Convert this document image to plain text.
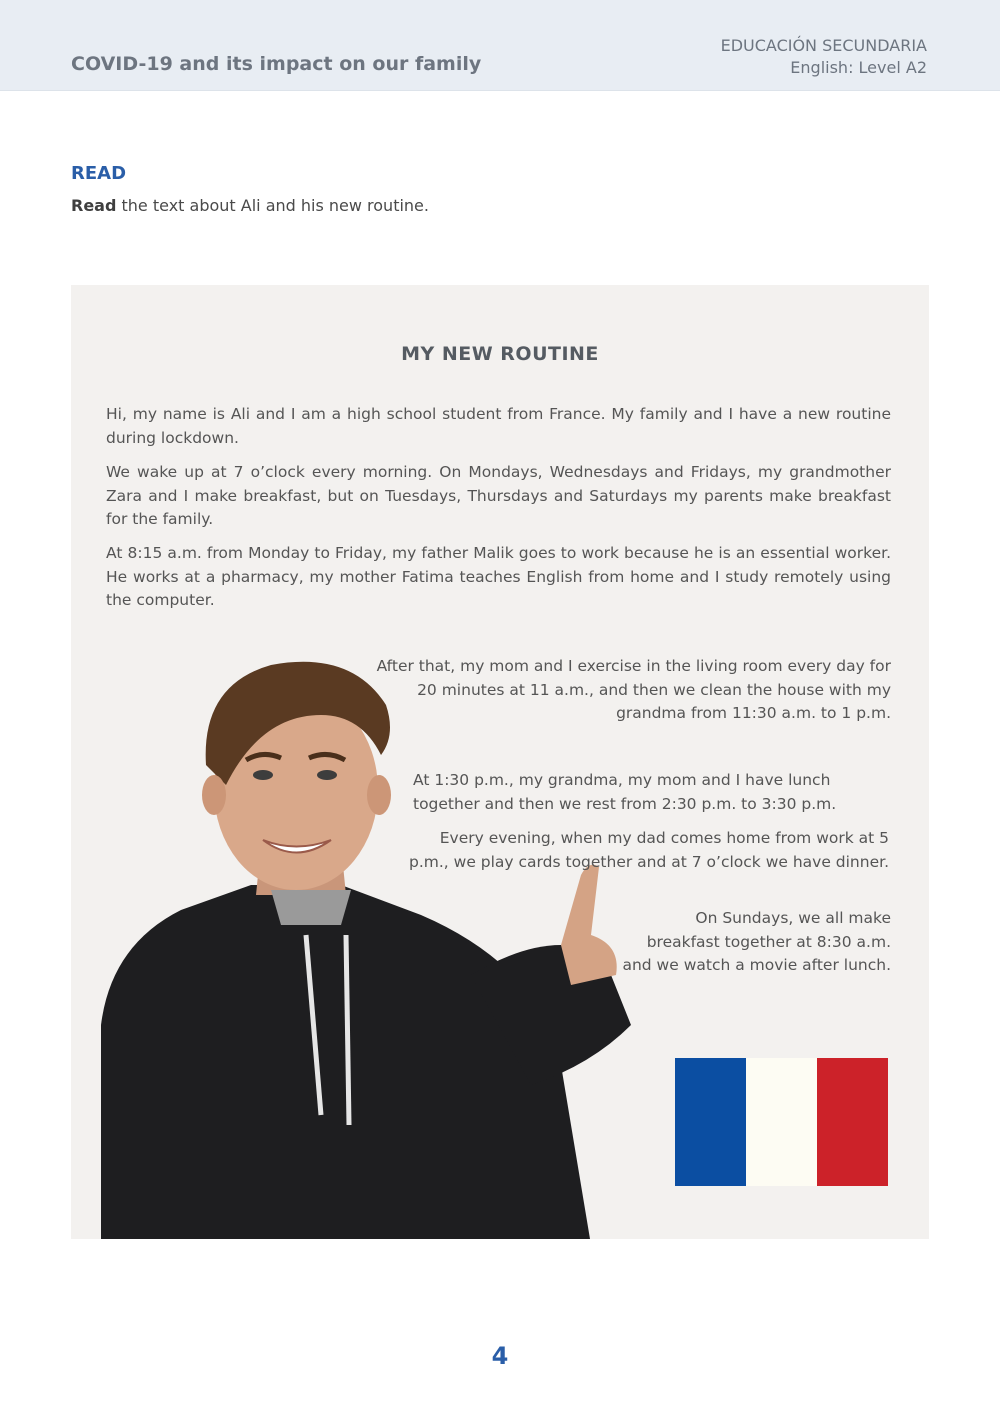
COVID-19 and its impact on our family
EDUCACIÓN SECUNDARIA
English: Level A2
READ
Read the text about Ali and his new routine.
MY NEW ROUTINE

Hi, my name is Ali and I am a high school student from France. My family and I have a new routine during lockdown.

We wake up at 7 o’clock every morning. On Mondays, Wednesdays and Fridays, my grandmother Zara and I make breakfast, but on Tuesdays, Thursdays and Saturdays my parents make breakfast for the family.

At 8:15 a.m. from Monday to Friday, my father Malik goes to work because he is an essential worker. He works at a pharmacy, my mother Fatima teaches English from home and I study remotely using the computer.

After that, my mom and I exercise in the living room every day for 20 minutes at 11 a.m., and then we clean the house with my grandma from 11:30 a.m. to 1 p.m.

At 1:30 p.m., my grandma, my mom and I have lunch together and then we rest from 2:30 p.m. to 3:30 p.m.

Every evening, when my dad comes home from work at 5 p.m., we play cards together and at 7 o’clock we have dinner.

On Sundays, we all make breakfast together at 8:30 a.m. and we watch a movie after lunch.

4
